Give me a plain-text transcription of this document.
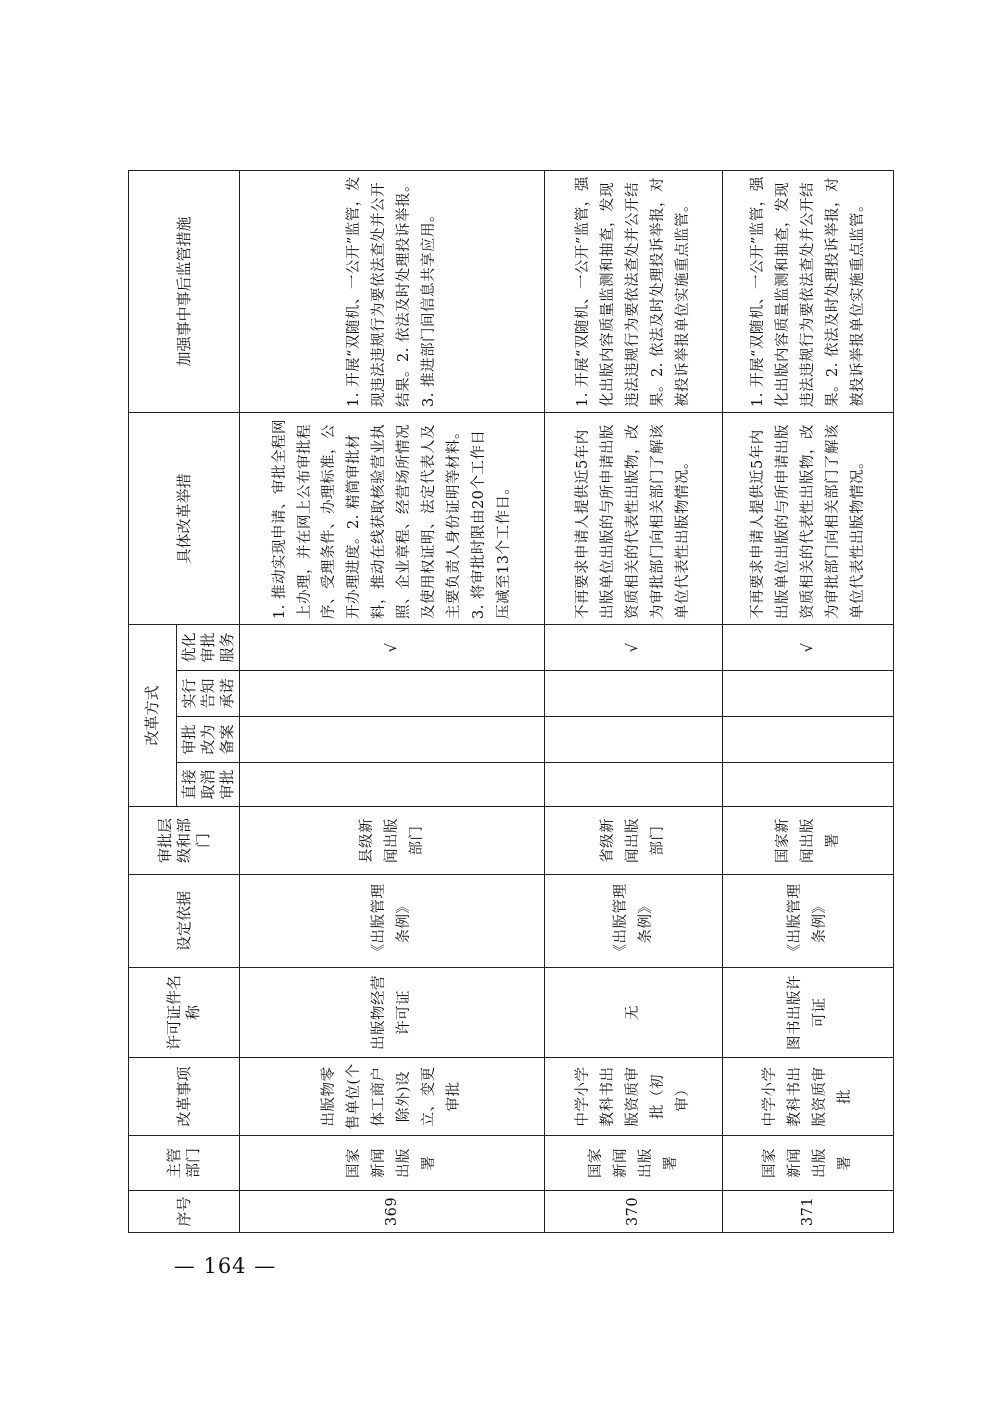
序号	主管部门	改革事项	许可证件名称	设定依据	审批层级和部门	改革方式				具体改革举措	加强事中事后监管措施
						直接取消审批	审批改为备案	实行告知承诺	优化审批服务		
369	国家新闻出版署	出版物零售单位(个体工商户除外)设立、变更审批	出版物经营许可证	《出版管理条例》	县级新闻出版部门				√	1. 推动实现申请、审批全程网上办理，并在网上公布审批程序、受理条件、办理标准，公开办理进度。2. 精简审批材料，推动在线获取核验营业执照、企业章程、经营场所情况及使用权证明、法定代表人及主要负责人身份证明等材料。3. 将审批时限由20个工作日压减至13个工作日。	1. 开展“双随机、一公开”监管，发现违法违规行为要依法查处并公开结果。2. 依法及时处理投诉举报。3. 推进部门间信息共享应用。
370	国家新闻出版署	中学小学教科书出版资质审批（初审）	无	《出版管理条例》	省级新闻出版部门				√	不再要求申请人提供近5年内出版单位出版的与所申请出版资质相关的代表性出版物，改为审批部门向相关部门了解该单位代表性出版物情况。	1. 开展“双随机、一公开”监管，强化出版内容质量监测和抽查，发现违法违规行为要依法查处并公开结果。2. 依法及时处理投诉举报，对被投诉举报单位实施重点监管。
371	国家新闻出版署	中学小学教科书出版资质审批	图书出版许可证	《出版管理条例》	国家新闻出版署				√	不再要求申请人提供近5年内出版单位出版的与所申请出版资质相关的代表性出版物，改为审批部门向相关部门了解该单位代表性出版物情况。	1. 开展“双随机、一公开”监管，强化出版内容质量监测和抽查，发现违法违规行为要依法查处并公开结果。2. 依法及时处理投诉举报，对被投诉举报单位实施重点监管。
— 164 —
